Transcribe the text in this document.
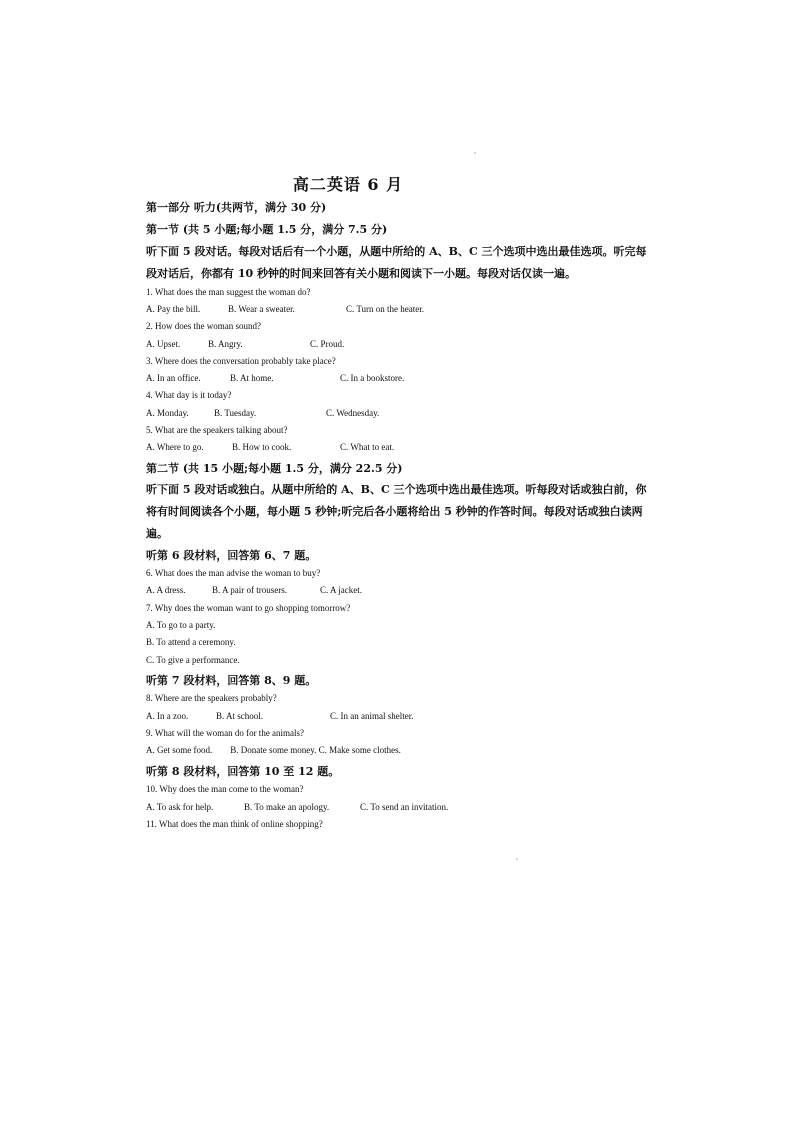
高二英语 6 月
第一部分 听力(共两节，满分 30 分)
第一节 (共 5 小题;每小题 1.5 分，满分 7.5 分)
听下面 5 段对话。每段对话后有一个小题，从题中所给的 A、B、C 三个选项中选出最佳选项。听完每
段对话后，你都有 10 秒钟的时间来回答有关小题和阅读下一小题。每段对话仅读一遍。
1. What does the man suggest the woman do?
A. Pay the bill.	B. Wear a sweater.	C. Turn on the heater.
2. How does the woman sound?
A. Upset.	B. Angry.	C. Proud.
3. Where does the conversation probably take place?
A. In an office.	B. At home.	C. In a bookstore.
4. What day is it today?
A. Monday.	B. Tuesday.	C. Wednesday.
5. What are the speakers talking about?
A. Where to go.	B. How to cook.	C. What to eat.
第二节 (共 15 小题;每小题 1.5 分，满分 22.5 分)
听下面 5 段对话或独白。从题中所给的 A、B、C 三个选项中选出最佳选项。听每段对话或独白前，你
将有时间阅读各个小题，每小题 5 秒钟;听完后各小题将给出 5 秒钟的作答时间。每段对话或独白读两
遍。
听第 6 段材料，回答第 6、7 题。
6. What does the man advise the woman to buy?
A. A dress.	B. A pair of trousers.	C. A jacket.
7. Why does the woman want to go shopping tomorrow?
A. To go to a party.
B. To attend a ceremony.
C. To give a performance.
听第 7 段材料，回答第 8、9 题。
8. Where are the speakers probably?
A. In a zoo.	B. At school.	C. In an animal shelter.
9. What will the woman do for the animals?
A. Get some food.        B. Donate some money. C. Make some clothes.
听第 8 段材料，回答第 10 至 12 题。
10. Why does the man come to the woman?
A. To ask for help.	B. To make an apology.	C. To send an invitation.
11. What does the man think of online shopping?
